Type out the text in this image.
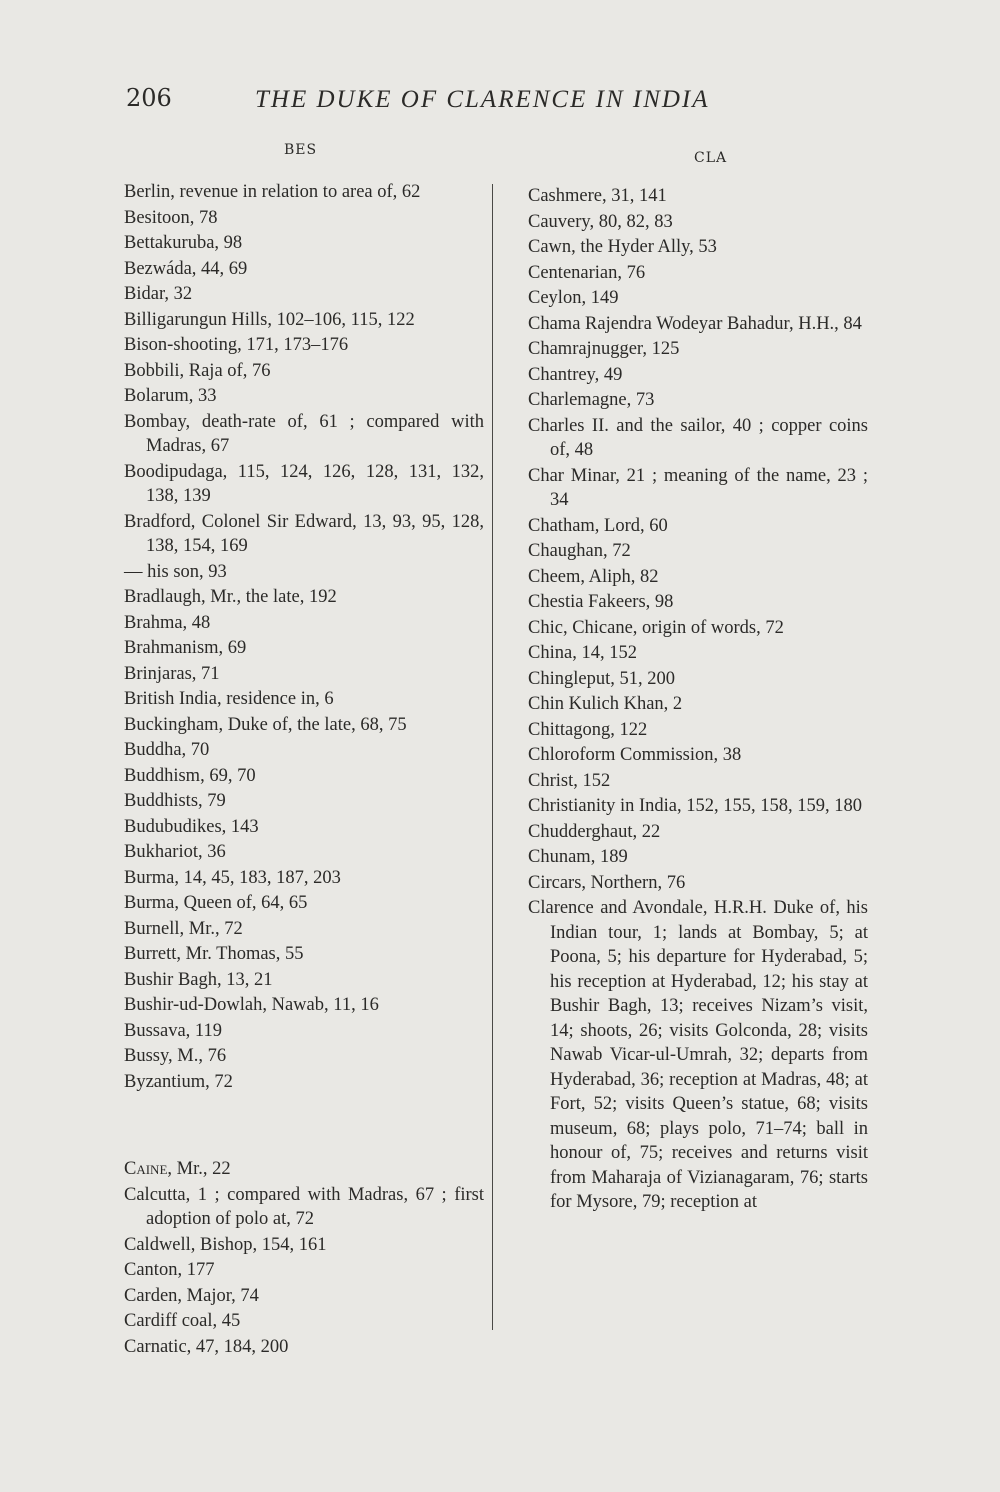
206	THE DUKE OF CLARENCE IN INDIA
BES	CLA
Berlin, revenue in relation to area of, 62
Besitoon, 78
Bettakuruba, 98
Bezwáda, 44, 69
Bidar, 32
Billigarungun Hills, 102–106, 115, 122
Bison-shooting, 171, 173–176
Bobbili, Raja of, 76
Bolarum, 33
Bombay, death-rate of, 61 ; compared with Madras, 67
Boodipudaga, 115, 124, 126, 128, 131, 132, 138, 139
Bradford, Colonel Sir Edward, 13, 93, 95, 128, 138, 154, 169
— his son, 93
Bradlaugh, Mr., the late, 192
Brahma, 48
Brahmanism, 69
Brinjaras, 71
British India, residence in, 6
Buckingham, Duke of, the late, 68, 75
Buddha, 70
Buddhism, 69, 70
Buddhists, 79
Budubudikes, 143
Bukhariot, 36
Burma, 14, 45, 183, 187, 203
Burma, Queen of, 64, 65
Burnell, Mr., 72
Burrett, Mr. Thomas, 55
Bushir Bagh, 13, 21
Bushir-ud-Dowlah, Nawab, 11, 16
Bussava, 119
Bussy, M., 76
Byzantium, 72
Caine, Mr., 22
Calcutta, 1 ; compared with Madras, 67 ; first adoption of polo at, 72
Caldwell, Bishop, 154, 161
Canton, 177
Carden, Major, 74
Cardiff coal, 45
Carnatic, 47, 184, 200
Cashmere, 31, 141
Cauvery, 80, 82, 83
Cawn, the Hyder Ally, 53
Centenarian, 76
Ceylon, 149
Chama Rajendra Wodeyar Bahadur, H.H., 84
Chamrajnugger, 125
Chantrey, 49
Charlemagne, 73
Charles II. and the sailor, 40 ; copper coins of, 48
Char Minar, 21 ; meaning of the name, 23 ; 34
Chatham, Lord, 60
Chaughan, 72
Cheem, Aliph, 82
Chestia Fakeers, 98
Chic, Chicane, origin of words, 72
China, 14, 152
Chingleput, 51, 200
Chin Kulich Khan, 2
Chittagong, 122
Chloroform Commission, 38
Christ, 152
Christianity in India, 152, 155, 158, 159, 180
Chudderghaut, 22
Chunam, 189
Circars, Northern, 76
Clarence and Avondale, H.R.H. Duke of, his Indian tour, 1; lands at Bombay, 5; at Poona, 5; his departure for Hyderabad, 5; his reception at Hyderabad, 12; his stay at Bushir Bagh, 13; receives Nizam’s visit, 14; shoots, 26; visits Golconda, 28; visits Nawab Vicar-ul-Umrah, 32; departs from Hyderabad, 36; reception at Madras, 48; at Fort, 52; visits Queen’s statue, 68; visits museum, 68; plays polo, 71–74; ball in honour of, 75; receives and returns visit from Maharaja of Vizianagaram, 76; starts for Mysore, 79; reception at
